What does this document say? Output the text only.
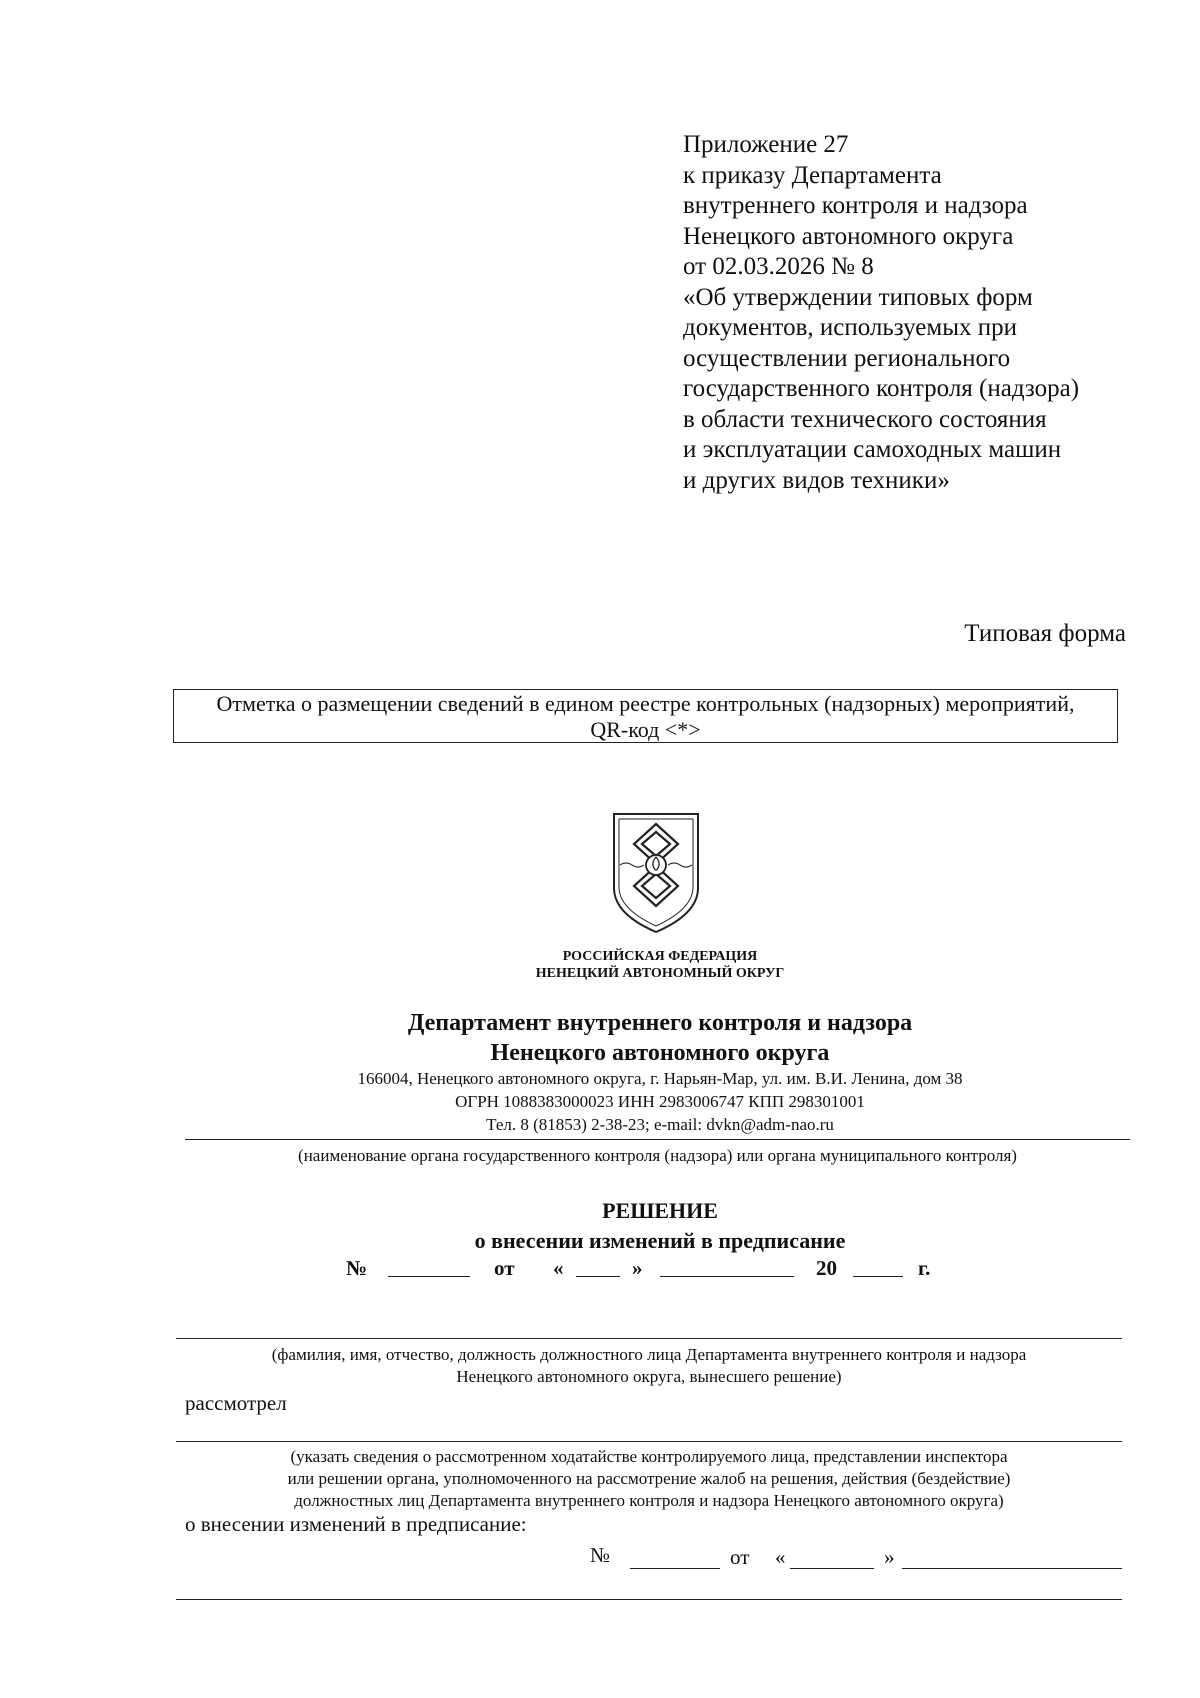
Приложение 27
к приказу Департамента
внутреннего контроля и надзора
Ненецкого автономного округа
от 02.03.2026 № 8
«Об утверждении типовых форм
документов, используемых при
осуществлении регионального
государственного контроля (надзора)
в области технического состояния
и эксплуатации самоходных машин
и других видов техники»
Типовая форма
Отметка о размещении сведений в едином реестре контрольных (надзорных) мероприятий,
QR-код <*>
РОССИЙСКАЯ ФЕДЕРАЦИЯ
НЕНЕЦКИЙ АВТОНОМНЫЙ ОКРУГ
Департамент внутреннего контроля и надзора
Ненецкого автономного округа
166004, Ненецкого автономного округа, г. Нарьян-Мар, ул. им. В.И. Ленина, дом 38
ОГРН 1088383000023 ИНН 2983006747 КПП 298301001
Тел. 8 (81853) 2-38-23; e-mail: dvkn@adm-nao.ru
(наименование органа государственного контроля (надзора) или органа муниципального контроля)
РЕШЕНИЕ
о внесении изменений в предписание
№	от «	»	20	г.
(фамилия, имя, отчество, должность должностного лица Департамента внутреннего контроля и надзора
Ненецкого автономного округа, вынесшего решение)
рассмотрел
(указать сведения о рассмотренном ходатайстве контролируемого лица, представлении инспектора
или решении органа, уполномоченного на рассмотрение жалоб на решения, действия (бездействие)
должностных лиц Департамента внутреннего контроля и надзора Ненецкого автономного округа)
о внесении изменений в предписание:
№	от «	»
